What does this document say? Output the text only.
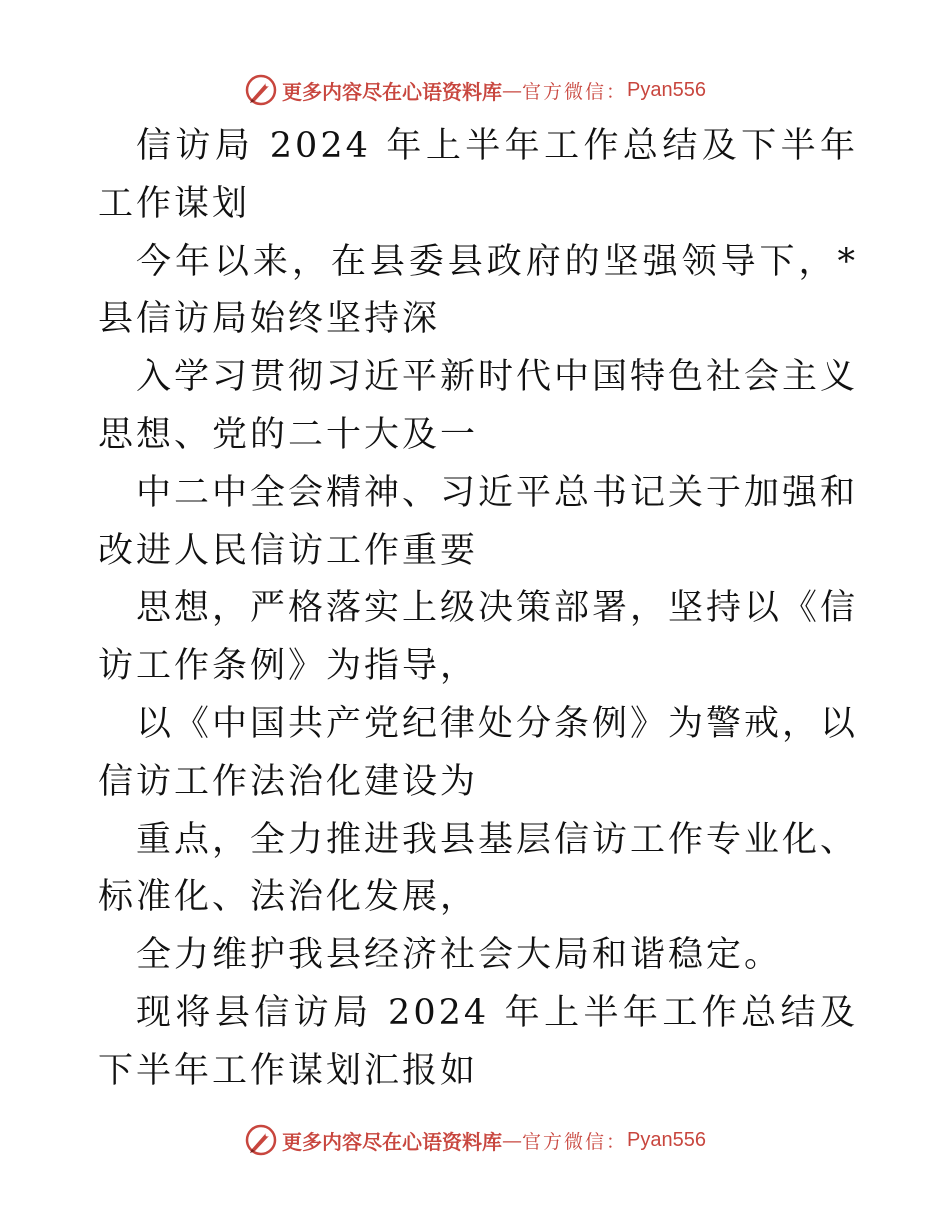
更多内容尽在心语资料库 — 官方微信： Pyan556

信访局 2024 年上半年工作总结及下半年工作谋划

今年以来，在县委县政府的坚强领导下，*县信访局始终坚持深

入学习贯彻习近平新时代中国特色社会主义思想、党的二十大及一

中二中全会精神、习近平总书记关于加强和改进人民信访工作重要

思想，严格落实上级决策部署，坚持以《信访工作条例》为指导，

以《中国共产党纪律处分条例》为警戒，以信访工作法治化建设为

重点，全力推进我县基层信访工作专业化、标准化、法治化发展，

全力维护我县经济社会大局和谐稳定。

现将县信访局 2024 年上半年工作总结及下半年工作谋划汇报如

更多内容尽在心语资料库 — 官方微信： Pyan556
